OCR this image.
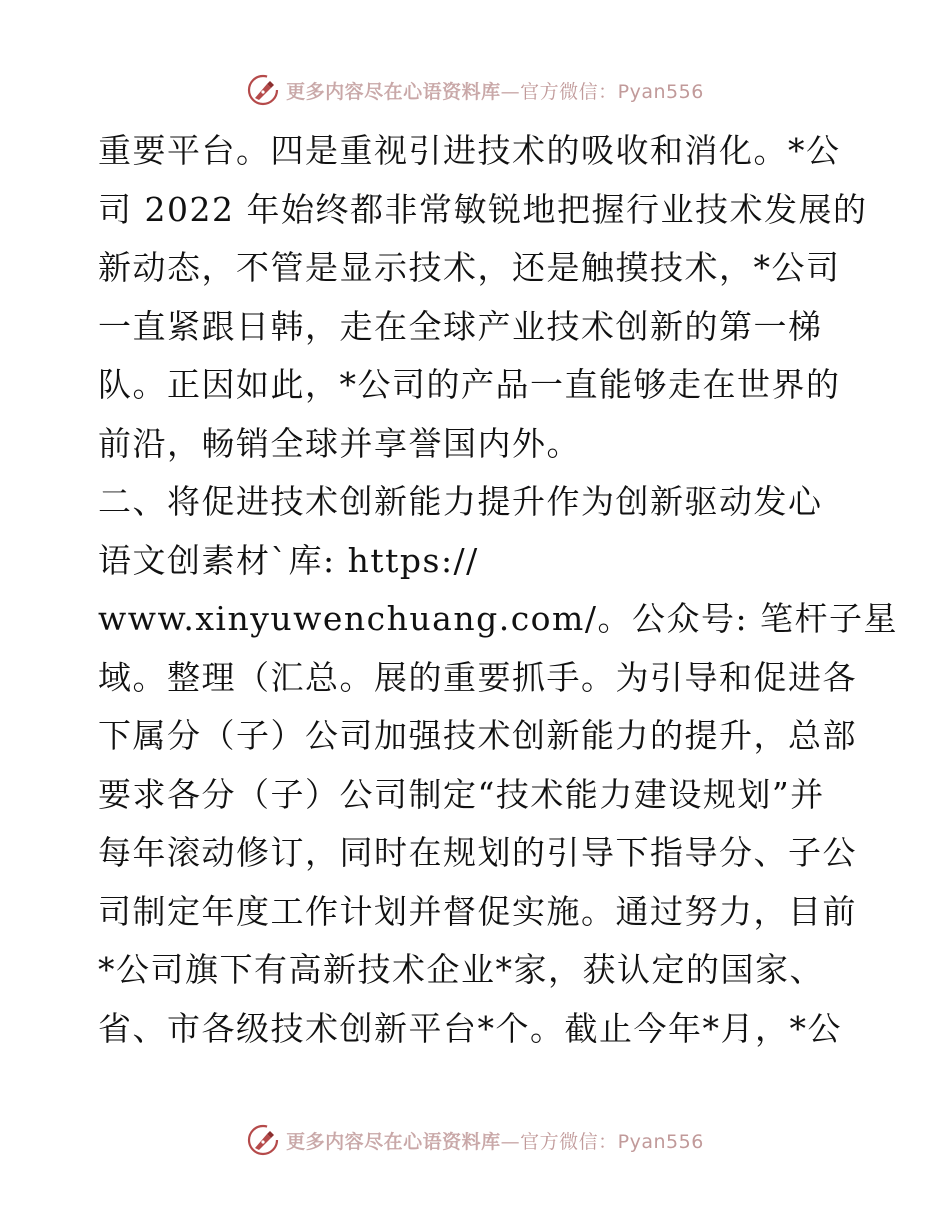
更多内容尽在心语资料库—官方微信：Pyan556
重要平台。四是重视引进技术的吸收和消化。*公
司 2022 年始终都非常敏锐地把握行业技术发展的
新动态，不管是显示技术，还是触摸技术，*公司
一直紧跟日韩，走在全球产业技术创新的第一梯
队。正因如此，*公司的产品一直能够走在世界的
前沿，畅销全球并享誉国内外。
二、将促进技术创新能力提升作为创新驱动发心
语文创素材`库: https://
www.xinyuwenchuang.com/。公众号: 笔杆子星
域。整理（汇总。展的重要抓手。为引导和促进各
下属分（子）公司加强技术创新能力的提升，总部
要求各分（子）公司制定“技术能力建设规划”并
每年滚动修订，同时在规划的引导下指导分、子公
司制定年度工作计划并督促实施。通过努力，目前
*公司旗下有高新技术企业*家，获认定的国家、
省、市各级技术创新平台*个。截止今年*月，*公
更多内容尽在心语资料库—官方微信：Pyan556
